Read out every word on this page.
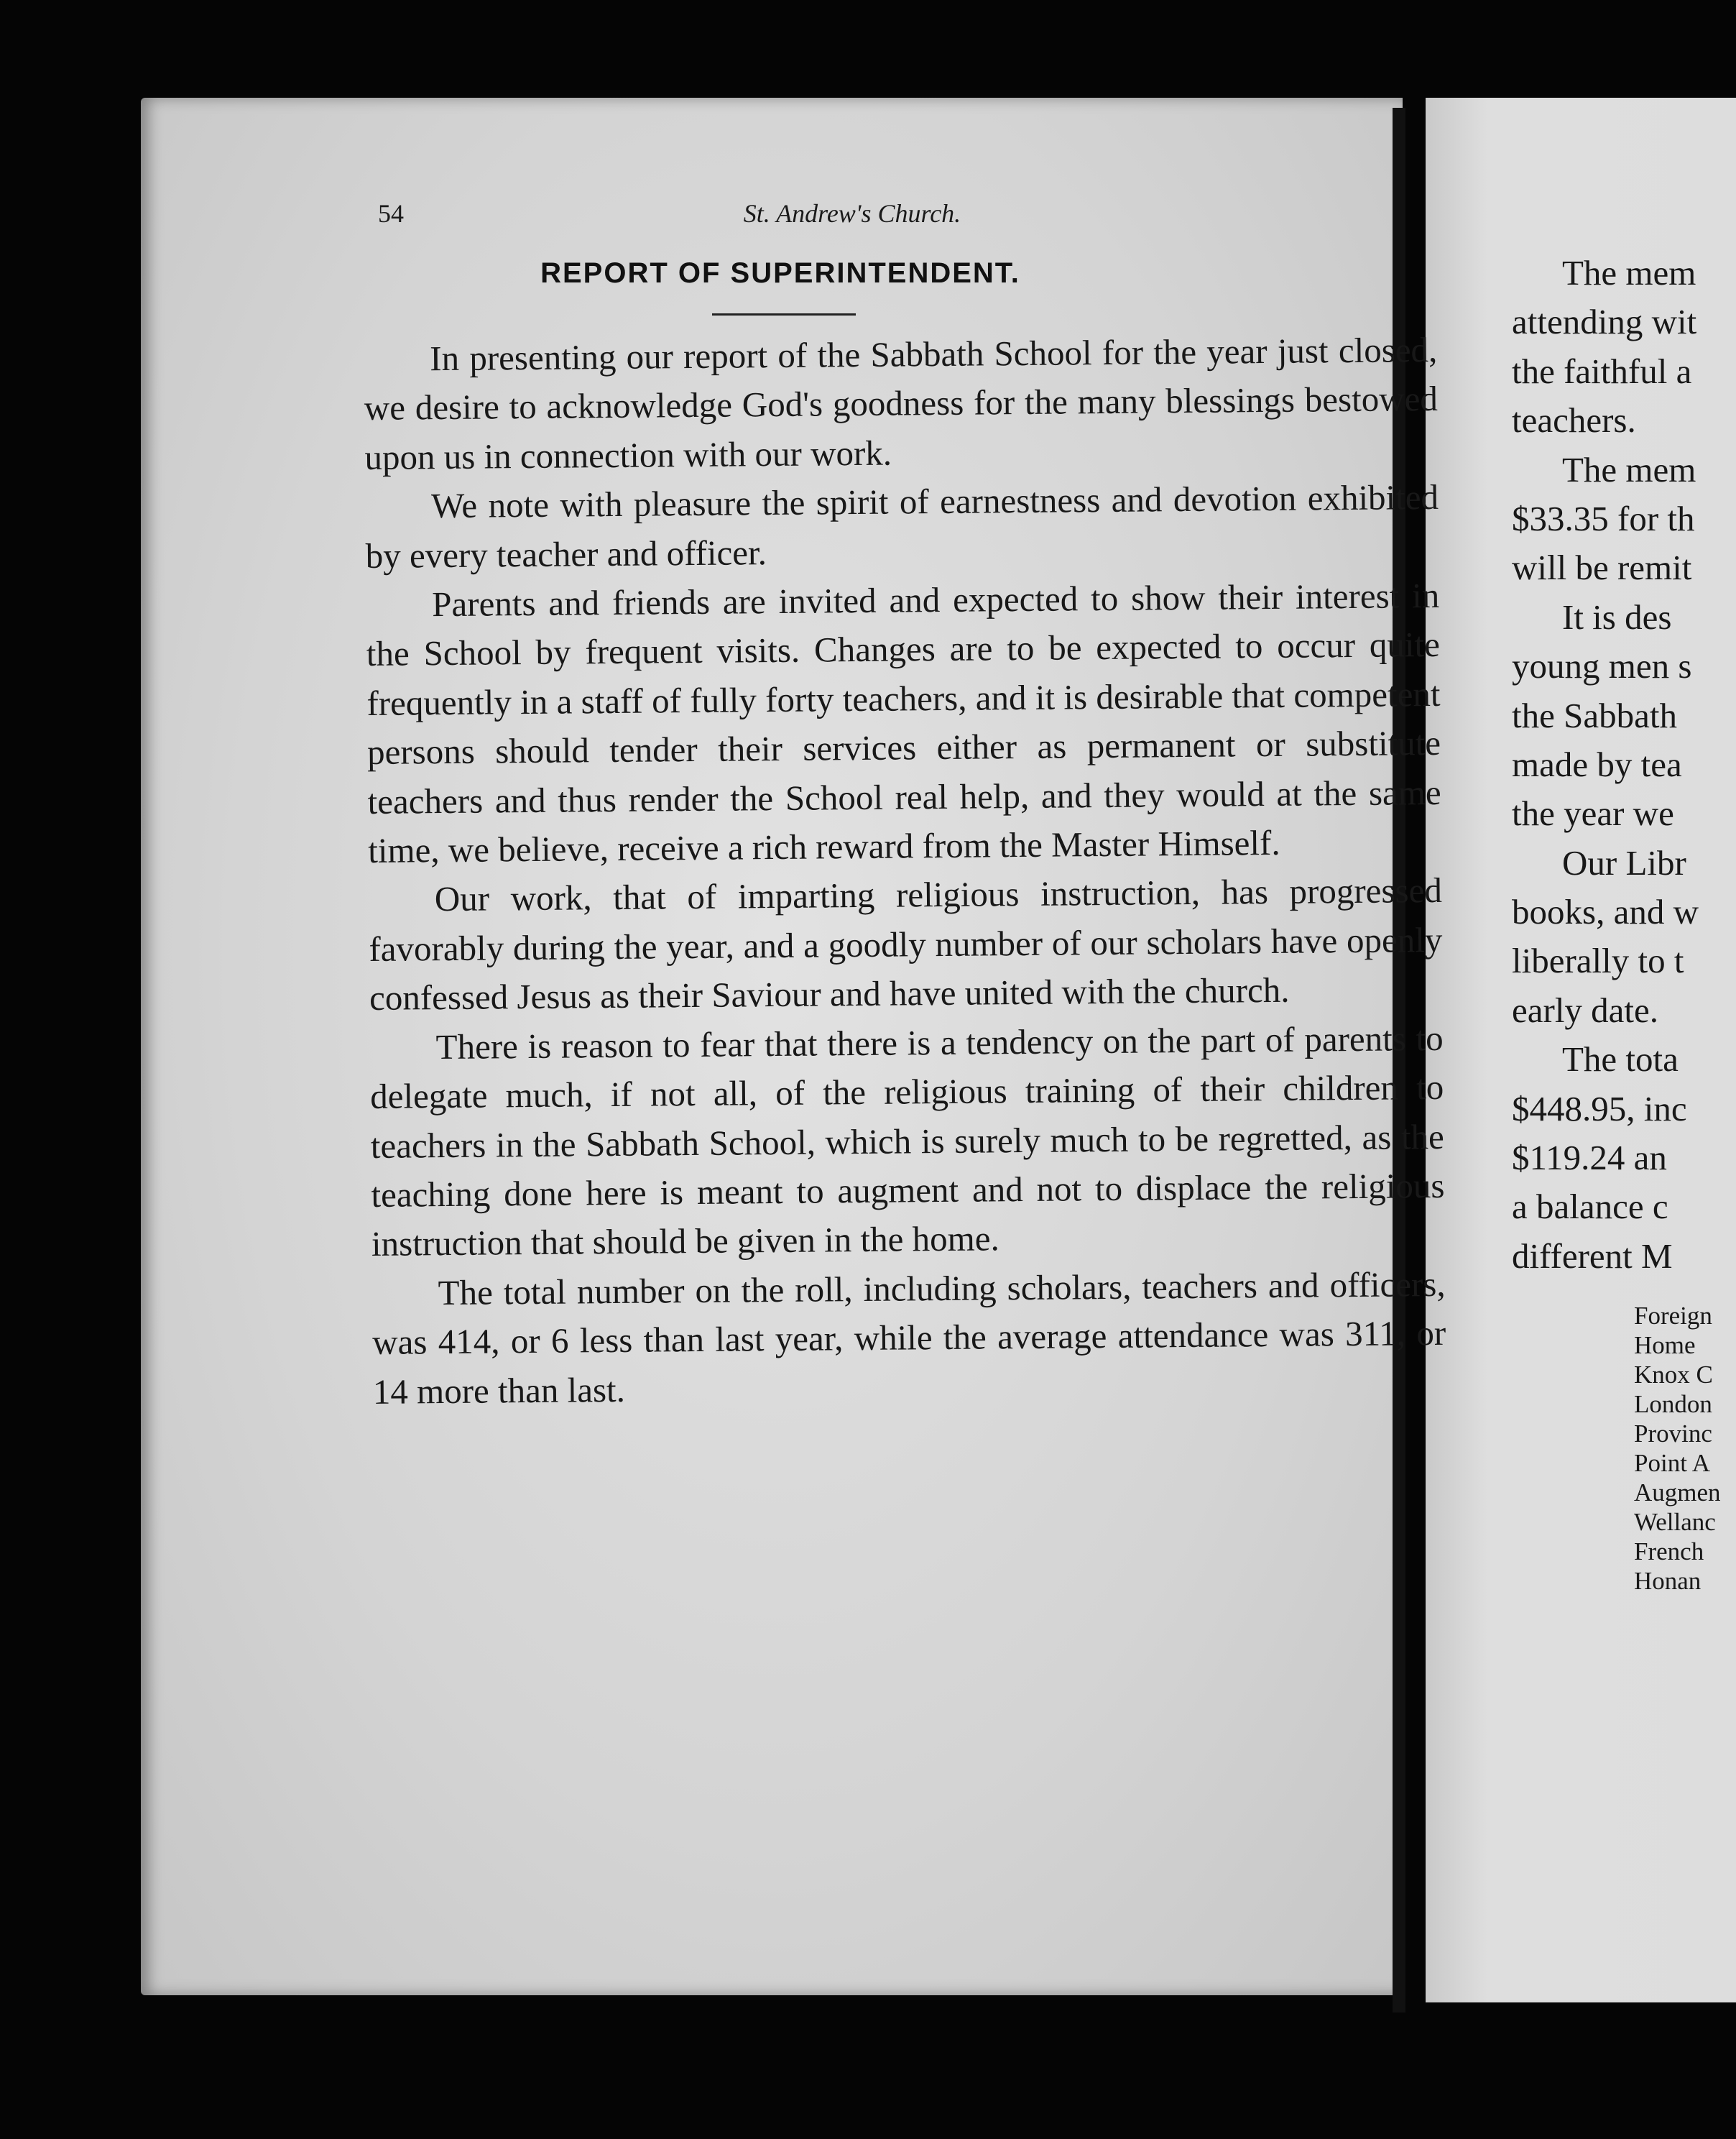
The mem
attending wit
the faithful a
teachers.
The mem
$33.35 for th
will be remit
It is des
young men s
the Sabbath
made by tea
the year we
Our Libr
books, and w
liberally to t
early date.
The tota
$448.95, inc
$119.24 an
a balance c
different M
Foreign
Home
Knox C
London
Provinc
Point A
Augmen
Wellanc
French
Honan
54	St. Andrew's Church.
REPORT OF SUPERINTENDENT.

In presenting our report of the Sabbath School for the year just closed, we desire to acknowledge God's goodness for the many blessings bestowed upon us in connection with our work.

We note with pleasure the spirit of earnestness and devotion exhibited by every teacher and officer.

Parents and friends are invited and expected to show their interest in the School by frequent visits. Changes are to be expected to occur quite frequently in a staff of fully forty teachers, and it is desirable that competent persons should tender their services either as permanent or substitute teachers and thus render the School real help, and they would at the same time, we believe, receive a rich reward from the Master Himself.

Our work, that of imparting religious instruction, has progressed favorably during the year, and a goodly number of our scholars have openly confessed Jesus as their Saviour and have united with the church.

There is reason to fear that there is a tendency on the part of parents to delegate much, if not all, of the religious training of their children to teachers in the Sabbath School, which is surely much to be regretted, as the teaching done here is meant to augment and not to displace the religious instruction that should be given in the home.

The total number on the roll, including scholars, teachers and officers, was 414, or 6 less than last year, while the average attendance was 311, or 14 more than last.
